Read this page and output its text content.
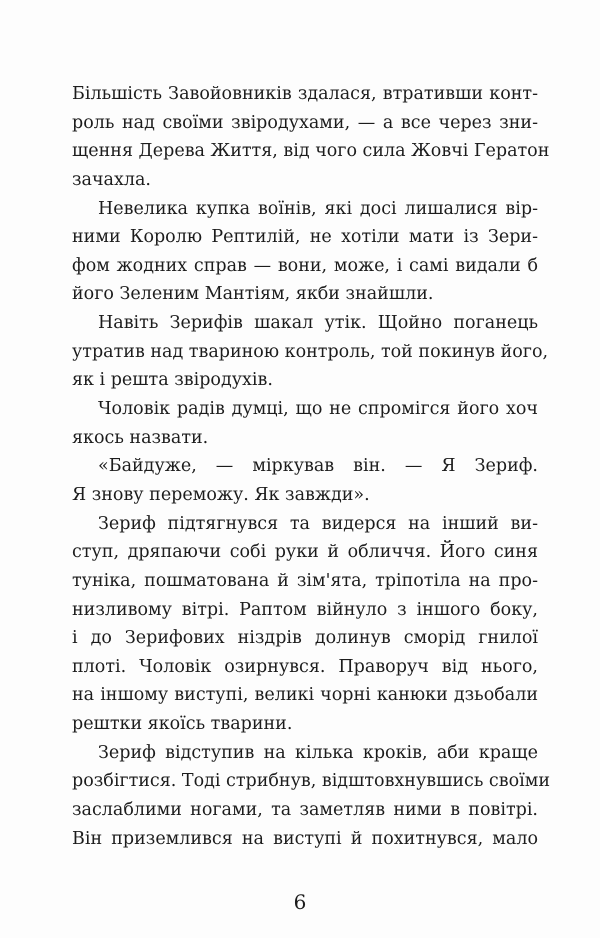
Більшість Завойовників здалася, втративши конт-
роль над своїми звіродухами, — а все через зни-
щення Дерева Життя, від чого сила Жовчі Гератон
зачахла.
Невелика купка воїнів, які досі лишалися вір-
ними Королю Рептилій, не хотіли мати із Зери-
фом жодних справ — вони, може, і самі видали б
його Зеленим Мантіям, якби знайшли.
Навіть Зерифів шакал утік. Щойно поганець
утратив над твариною контроль, той покинув його,
як і решта звіродухів.
Чоловік радів думці, що не спромігся його хоч
якось назвати.
«Байдуже, — міркував він. — Я Зериф.
Я знову переможу. Як завжди».
Зериф підтягнувся та видерся на інший ви-
ступ, дряпаючи собі руки й обличчя. Його синя
туніка, пошматована й зім'ята, тріпотіла на про-
низливому вітрі. Раптом війнуло з іншого боку,
і до Зерифових ніздрів долинув сморід гнилої
плоті. Чоловік озирнувся. Праворуч від нього,
на іншому виступі, великі чорні канюки дзьобали
рештки якоїсь тварини.
Зериф відступив на кілька кроків, аби краще
розбігтися. Тоді стрибнув, відштовхнувшись своїми
заслаблими ногами, та заметляв ними в повітрі.
Він приземлився на виступі й похитнувся, мало
6
